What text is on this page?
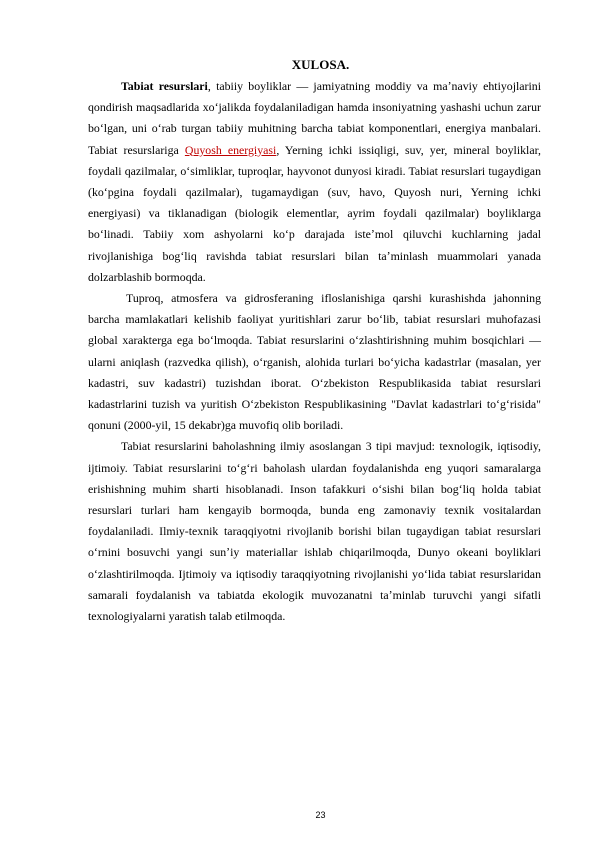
XULOSA.

Tabiat resurslari, tabiiy boyliklar — jamiyatning moddiy va maʼnaviy ehtiyojlarini qondirish maqsadlarida xoʻjalikda foydalaniladigan hamda insoniyatning yashashi uchun zarur boʻlgan, uni oʻrab turgan tabiiy muhitning barcha tabiat komponentlari, energiya manbalari. Tabiat resurslariga Quyosh energiyasi, Yerning ichki issiqligi, suv, yer, mineral boyliklar, foydali qazilmalar, oʻsimliklar, tuproqlar, hayvonot dunyosi kiradi. Tabiat resurslari tugaydigan (koʻpgina foydali qazilmalar), tugamaydigan (suv, havo, Quyosh nuri, Yerning ichki energiyasi) va tiklanadigan (biologik elementlar, ayrim foydali qazilmalar) boyliklarga boʻlinadi. Tabiiy xom ashyolarni koʻp darajada isteʼmol qiluvchi kuchlarning jadal rivojlanishiga bogʻliq ravishda tabiat resurslari bilan taʼminlash muammolari yanada dolzarblashib bormoqda.

Tuproq, atmosfera va gidrosferaning ifloslanishiga qarshi kurashishda jahonning barcha mamlakatlari kelishib faoliyat yuritishlari zarur boʻlib, tabiat resurslari muhofazasi global xarakterga ega boʻlmoqda. Tabiat resurslarini oʻzlashtirishning muhim bosqichlari — ularni aniqlash (razvedka qilish), oʻrganish, alohida turlari boʻyicha kadastrlar (masalan, yer kadastri, suv kadastri) tuzishdan iborat. Oʻzbekiston Respublikasida tabiat resurslari kadastrlarini tuzish va yuritish Oʻzbekiston Respublikasining "Davlat kadastrlari toʻgʻrisida" qonuni (2000-yil, 15 dekabr)ga muvofiq olib boriladi.

Tabiat resurslarini baholashning ilmiy asoslangan 3 tipi mavjud: texnologik, iqtisodiy, ijtimoiy. Tabiat resurslarini toʻgʻri baholash ulardan foydalanishda eng yuqori samaralarga erishishning muhim sharti hisoblanadi. Inson tafakkuri oʻsishi bilan bogʻliq holda tabiat resurslari turlari ham kengayib bormoqda, bunda eng zamonaviy texnik vositalardan foydalaniladi. Ilmiy-texnik taraqqiyotni rivojlanib borishi bilan tugaydigan tabiat resurslari oʻrnini bosuvchi yangi sunʼiy materiallar ishlab chiqarilmoqda, Dunyo okeani boyliklari oʻzlashtirilmoqda. Ijtimoiy va iqtisodiy taraqqiyotning rivojlanishi yoʻlida tabiat resurslaridan samarali foydalanish va tabiatda ekologik muvozanatni taʼminlab turuvchi yangi sifatli texnologiyalarni yaratish talab etilmoqda.

23
